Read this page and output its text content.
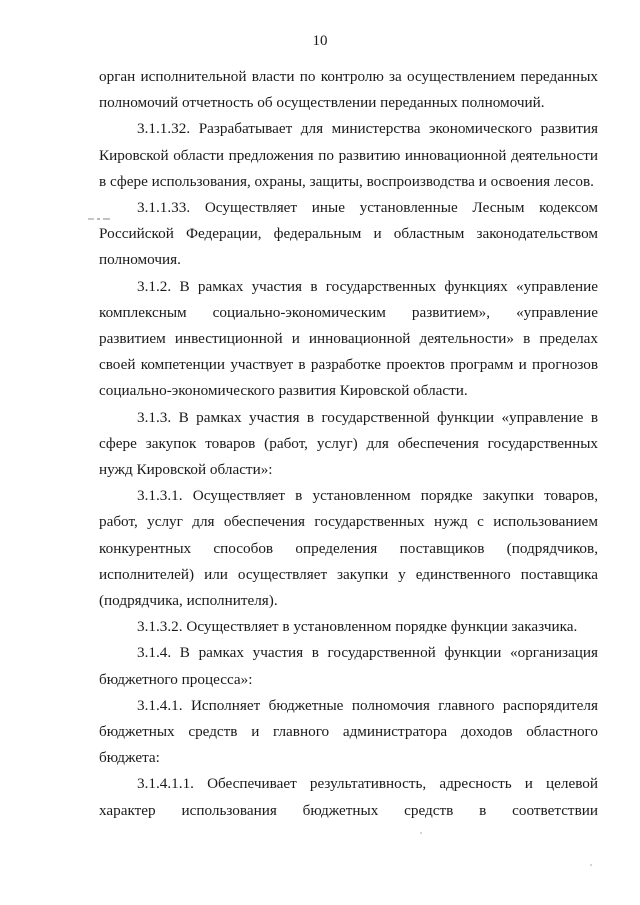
10

орган исполнительной власти по контролю за осуществлением переданных полномочий отчетность об осуществлении переданных полномочий.

3.1.1.32. Разрабатывает для министерства экономического развития Кировской области предложения по развитию инновационной деятельности в сфере использования, охраны, защиты, воспроизводства и освоения лесов.

3.1.1.33. Осуществляет иные установленные Лесным кодексом Российской Федерации, федеральным и областным законодательством полномочия.

3.1.2. В рамках участия в государственных функциях «управление комплексным социально-экономическим развитием», «управление развитием инвестиционной и инновационной деятельности» в пределах своей компетенции участвует в разработке проектов программ и прогнозов социально-экономического развития Кировской области.

3.1.3. В рамках участия в государственной функции «управление в сфере закупок товаров (работ, услуг) для обеспечения государственных нужд Кировской области»:

3.1.3.1. Осуществляет в установленном порядке закупки товаров, работ, услуг для обеспечения государственных нужд с использованием конкурентных способов определения поставщиков (подрядчиков, исполнителей) или осуществляет закупки у единственного поставщика (подрядчика, исполнителя).

3.1.3.2. Осуществляет в установленном порядке функции заказчика.

3.1.4. В рамках участия в государственной функции «организация бюджетного процесса»:

3.1.4.1. Исполняет бюджетные полномочия главного распорядителя бюджетных средств и главного администратора доходов областного бюджета:

3.1.4.1.1. Обеспечивает результативность, адресность и целевой характер использования бюджетных средств в соответствии
